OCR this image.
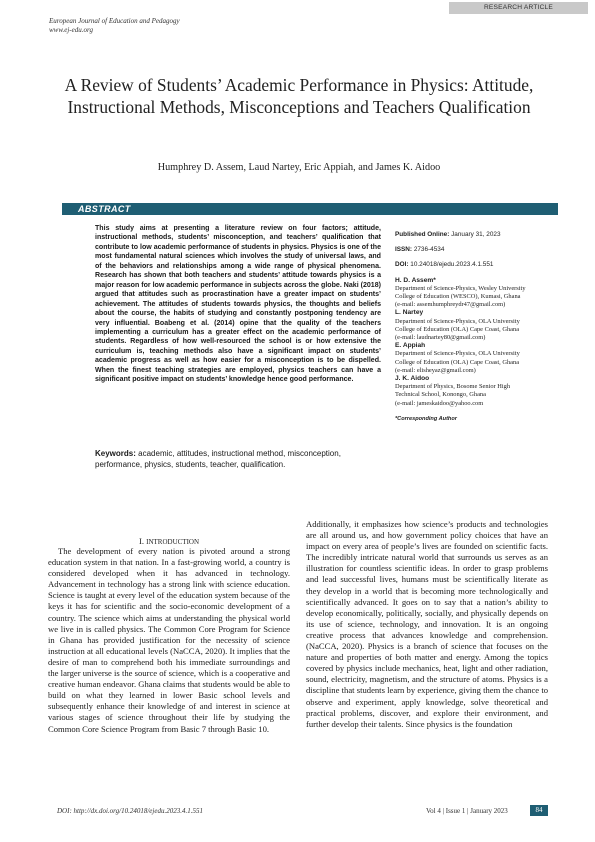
RESEARCH ARTICLE
European Journal of Education and Pedagogy
www.ej-edu.org
A Review of Students’ Academic Performance in Physics: Attitude, Instructional Methods, Misconceptions and Teachers Qualification
Humphrey D. Assem, Laud Nartey, Eric Appiah, and James K. Aidoo
ABSTRACT
This study aims at presenting a literature review on four factors; attitude, instructional methods, students’ misconception, and teachers’ qualification that contribute to low academic performance of students in physics. Physics is one of the most fundamental natural sciences which involves the study of universal laws, and of the behaviors and relationships among a wide range of physical phenomena. Research has shown that both teachers and students’ attitude towards physics is a major reason for low academic performance in subjects across the globe. Naki (2018) argued that attitudes such as procrastination have a greater impact on students’ achievement. The attitudes of students towards physics, the thoughts and beliefs about the course, the habits of studying and constantly postponing tendency are very influential. Boabeng et al. (2014) opine that the quality of the teachers implementing a curriculum has a greater effect on the academic performance of students. Regardless of how well-resourced the school is or how extensive the curriculum is, teaching methods also have a significant impact on students’ academic progress as well as how easier for a misconception is to be dispelled. When the finest teaching strategies are employed, physics teachers can have a significant positive impact on students’ knowledge hence good performance.
Keywords: academic, attitudes, instructional method, misconception, performance, physics, students, teacher, qualification.
Published Online: January 31, 2023
ISSN: 2736-4534
DOI: 10.24018/ejedu.2023.4.1.551
H. D. Assem*
Department of Science-Physics, Wesley University College of Education (WESCO), Kumasi, Ghana
(e-mail: assemhumphreydr47@gmail.com)
L. Nartey
Department of Science-Physics, OLA University College of Education (OLA) Cape Coast, Ghana
(e-mail: laudnartey80@gmail.com)
E. Appiah
Department of Science-Physics, OLA University College of Education (OLA) Cape Coast, Ghana
(e-mail: elisheyaz@gmail.com)
J. K. Aidoo
Department of Physics, Bosome Senior High Technical School, Konongo, Ghana
(e-mail: jameskaidoo@yahoo.com
*Corresponding Author
I. INTRODUCTION
The development of every nation is pivoted around a strong education system in that nation. In a fast-growing world, a country is considered developed when it has advanced in technology. Advancement in technology has a strong link with science education. Science is taught at every level of the education system because of the keys it has for scientific and the socio-economic development of a country. The science which aims at understanding the physical world we live in is called physics. The Common Core Program for Science in Ghana has provided justification for the necessity of science instruction at all educational levels (NaCCA, 2020). It implies that the desire of man to comprehend both his immediate surroundings and the larger universe is the source of science, which is a cooperative and creative human endeavor. Ghana claims that students would be able to build on what they learned in lower Basic school levels and subsequently enhance their knowledge of and interest in science at various stages of science throughout their life by studying the Common Core Science Program from Basic 7 through Basic 10.
Additionally, it emphasizes how science’s products and technologies are all around us, and how government policy choices that have an impact on every area of people’s lives are founded on scientific facts. The incredibly intricate natural world that surrounds us serves as an illustration for countless scientific ideas. In order to grasp problems and lead successful lives, humans must be scientifically literate as they develop in a world that is becoming more technologically and scientifically advanced. It goes on to say that a nation’s ability to develop economically, politically, socially, and physically depends on its use of science, technology, and innovation. It is an ongoing creative process that advances knowledge and comprehension. (NaCCA, 2020). Physics is a branch of science that focuses on the nature and properties of both matter and energy. Among the topics covered by physics include mechanics, heat, light and other radiation, sound, electricity, magnetism, and the structure of atoms. Physics is a discipline that students learn by experience, giving them the chance to observe and experiment, apply knowledge, solve theoretical and practical problems, discover, and explore their environment, and further develop their talents. Since physics is the foundation
DOI: http://dx.doi.org/10.24018/ejedu.2023.4.1.551	Vol 4 | Issue 1 | January 2023	84
